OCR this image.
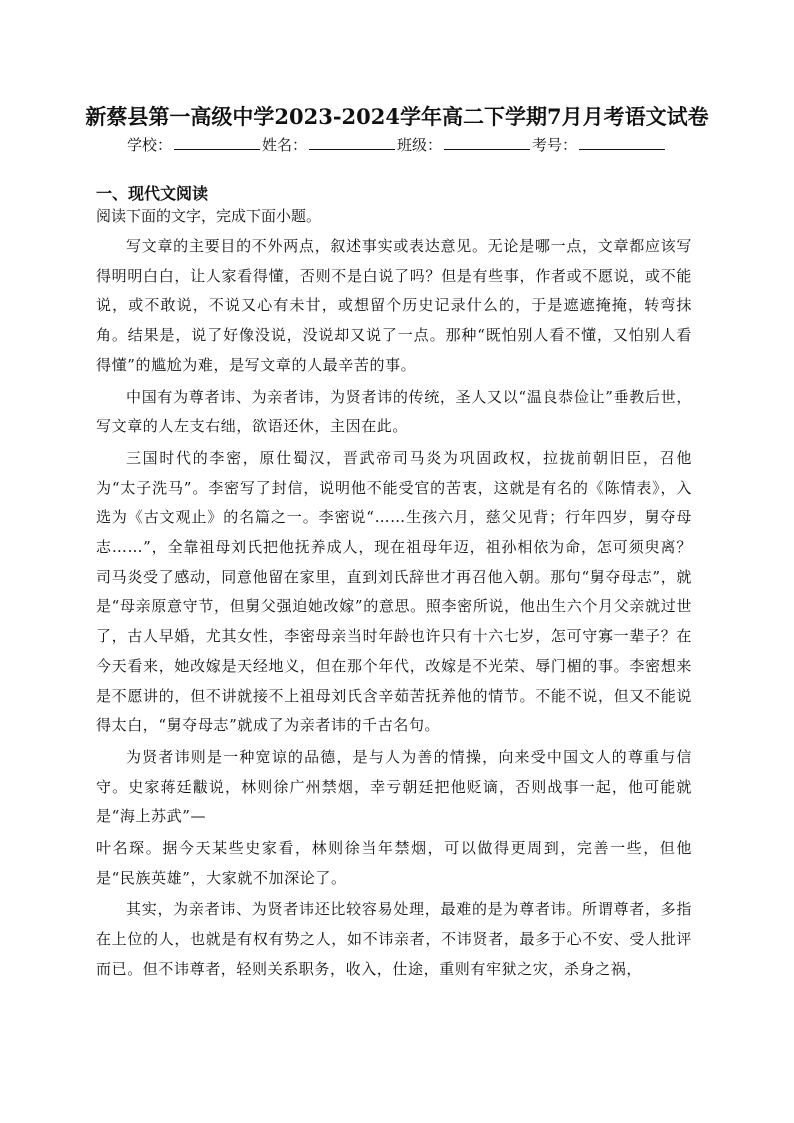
新蔡县第一高级中学2023-2024学年高二下学期7月月考语文试卷
学校：	姓名：	班级：	考号：
一、现代文阅读
阅读下面的文字，完成下面小题。

写文章的主要目的不外两点，叙述事实或表达意见。无论是哪一点，文章都应该写得明明白白，让人家看得懂，否则不是白说了吗？但是有些事，作者或不愿说，或不能说，或不敢说，不说又心有未甘，或想留个历史记录什么的，于是遮遮掩掩，转弯抹角。结果是，说了好像没说，没说却又说了一点。那种“既怕别人看不懂，又怕别人看得懂”的尴尬为难，是写文章的人最辛苦的事。

中国有为尊者讳、为亲者讳，为贤者讳的传统，圣人又以“温良恭俭让”垂教后世，写文章的人左支右绌，欲语还休，主因在此。

三国时代的李密，原仕蜀汉，晋武帝司马炎为巩固政权，拉拢前朝旧臣，召他为“太子洗马”。李密写了封信，说明他不能受官的苦衷，这就是有名的《陈情表》，入选为《古文观止》的名篇之一。李密说“……生孩六月，慈父见背；行年四岁，舅夺母志……”，全靠祖母刘氏把他抚养成人，现在祖母年迈，祖孙相依为命，怎可须臾离？司马炎受了感动，同意他留在家里，直到刘氏辞世才再召他入朝。那句“舅夺母志”，就是“母亲原意守节，但舅父强迫她改嫁”的意思。照李密所说，他出生六个月父亲就过世了，古人早婚，尤其女性，李密母亲当时年龄也许只有十六七岁，怎可守寡一辈子？在今天看来，她改嫁是天经地义，但在那个年代，改嫁是不光荣、辱门楣的事。李密想来是不愿讲的，但不讲就接不上祖母刘氏含辛茹苦抚养他的情节。不能不说，但又不能说得太白，“舅夺母志”就成了为亲者讳的千古名句。

为贤者讳则是一种宽谅的品德，是与人为善的情操，向来受中国文人的尊重与信守。史家蒋廷黻说，林则徐广州禁烟，幸亏朝廷把他贬谪，否则战事一起，他可能就是“海上苏武”—

叶名琛。据今天某些史家看，林则徐当年禁烟，可以做得更周到，完善一些，但他是“民族英雄”，大家就不加深论了。

其实，为亲者讳、为贤者讳还比较容易处理，最难的是为尊者讳。所谓尊者，多指在上位的人，也就是有权有势之人，如不讳亲者，不讳贤者，最多于心不安、受人批评而已。但不讳尊者，轻则关系职务，收入，仕途，重则有牢狱之灾，杀身之祸，
